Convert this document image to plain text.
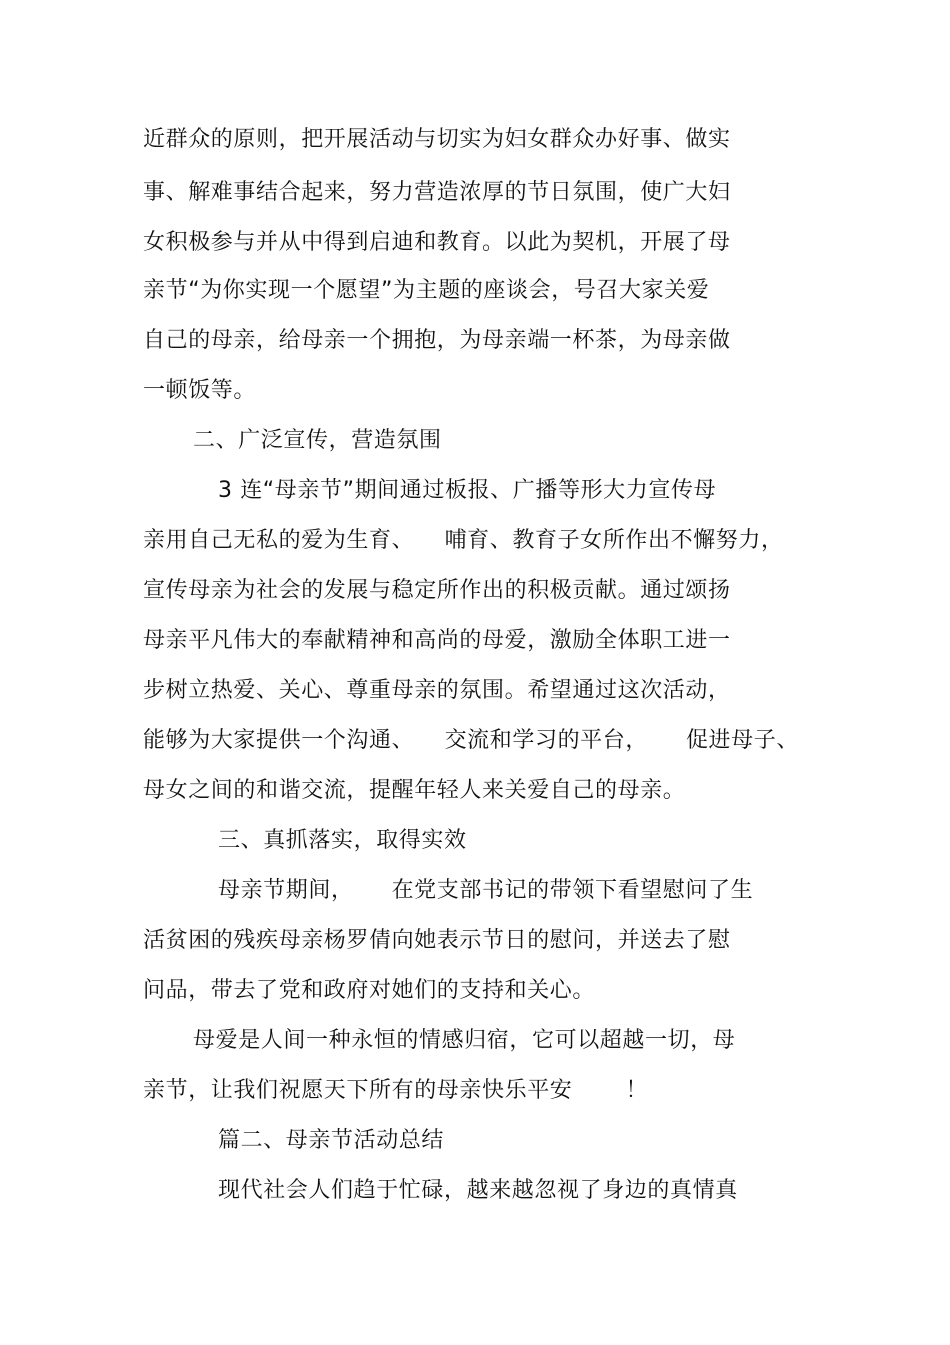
近群众的原则，把开展活动与切实为妇女群众办好事、做实
事、解难事结合起来，努力营造浓厚的节日氛围，使广大妇
女积极参与并从中得到启迪和教育。以此为契机，开展了母
亲节“为你实现一个愿望”为主题的座谈会，号召大家关爱
自己的母亲，给母亲一个拥抱，为母亲端一杯茶，为母亲做
一顿饭等。
二、广泛宣传，营造氛围
3 连“母亲节”期间通过板报、广播等形大力宣传母
亲用自己无私的爱为生育、    哺育、教育子女所作出不懈努力，
宣传母亲为社会的发展与稳定所作出的积极贡献。通过颂扬
母亲平凡伟大的奉献精神和高尚的母爱，激励全体职工进一
步树立热爱、关心、尊重母亲的氛围。希望通过这次活动，
能够为大家提供一个沟通、    交流和学习的平台，     促进母子、
母女之间的和谐交流，提醒年轻人来关爱自己的母亲。
三、真抓落实，取得实效
母亲节期间，     在党支部书记的带领下看望慰问了生
活贫困的残疾母亲杨罗倩向她表示节日的慰问，并送去了慰
问品，带去了党和政府对她们的支持和关心。
母爱是人间一种永恒的情感归宿，它可以超越一切，母
亲节，让我们祝愿天下所有的母亲快乐平安       ！
篇二、母亲节活动总结
现代社会人们趋于忙碌，越来越忽视了身边的真情真
